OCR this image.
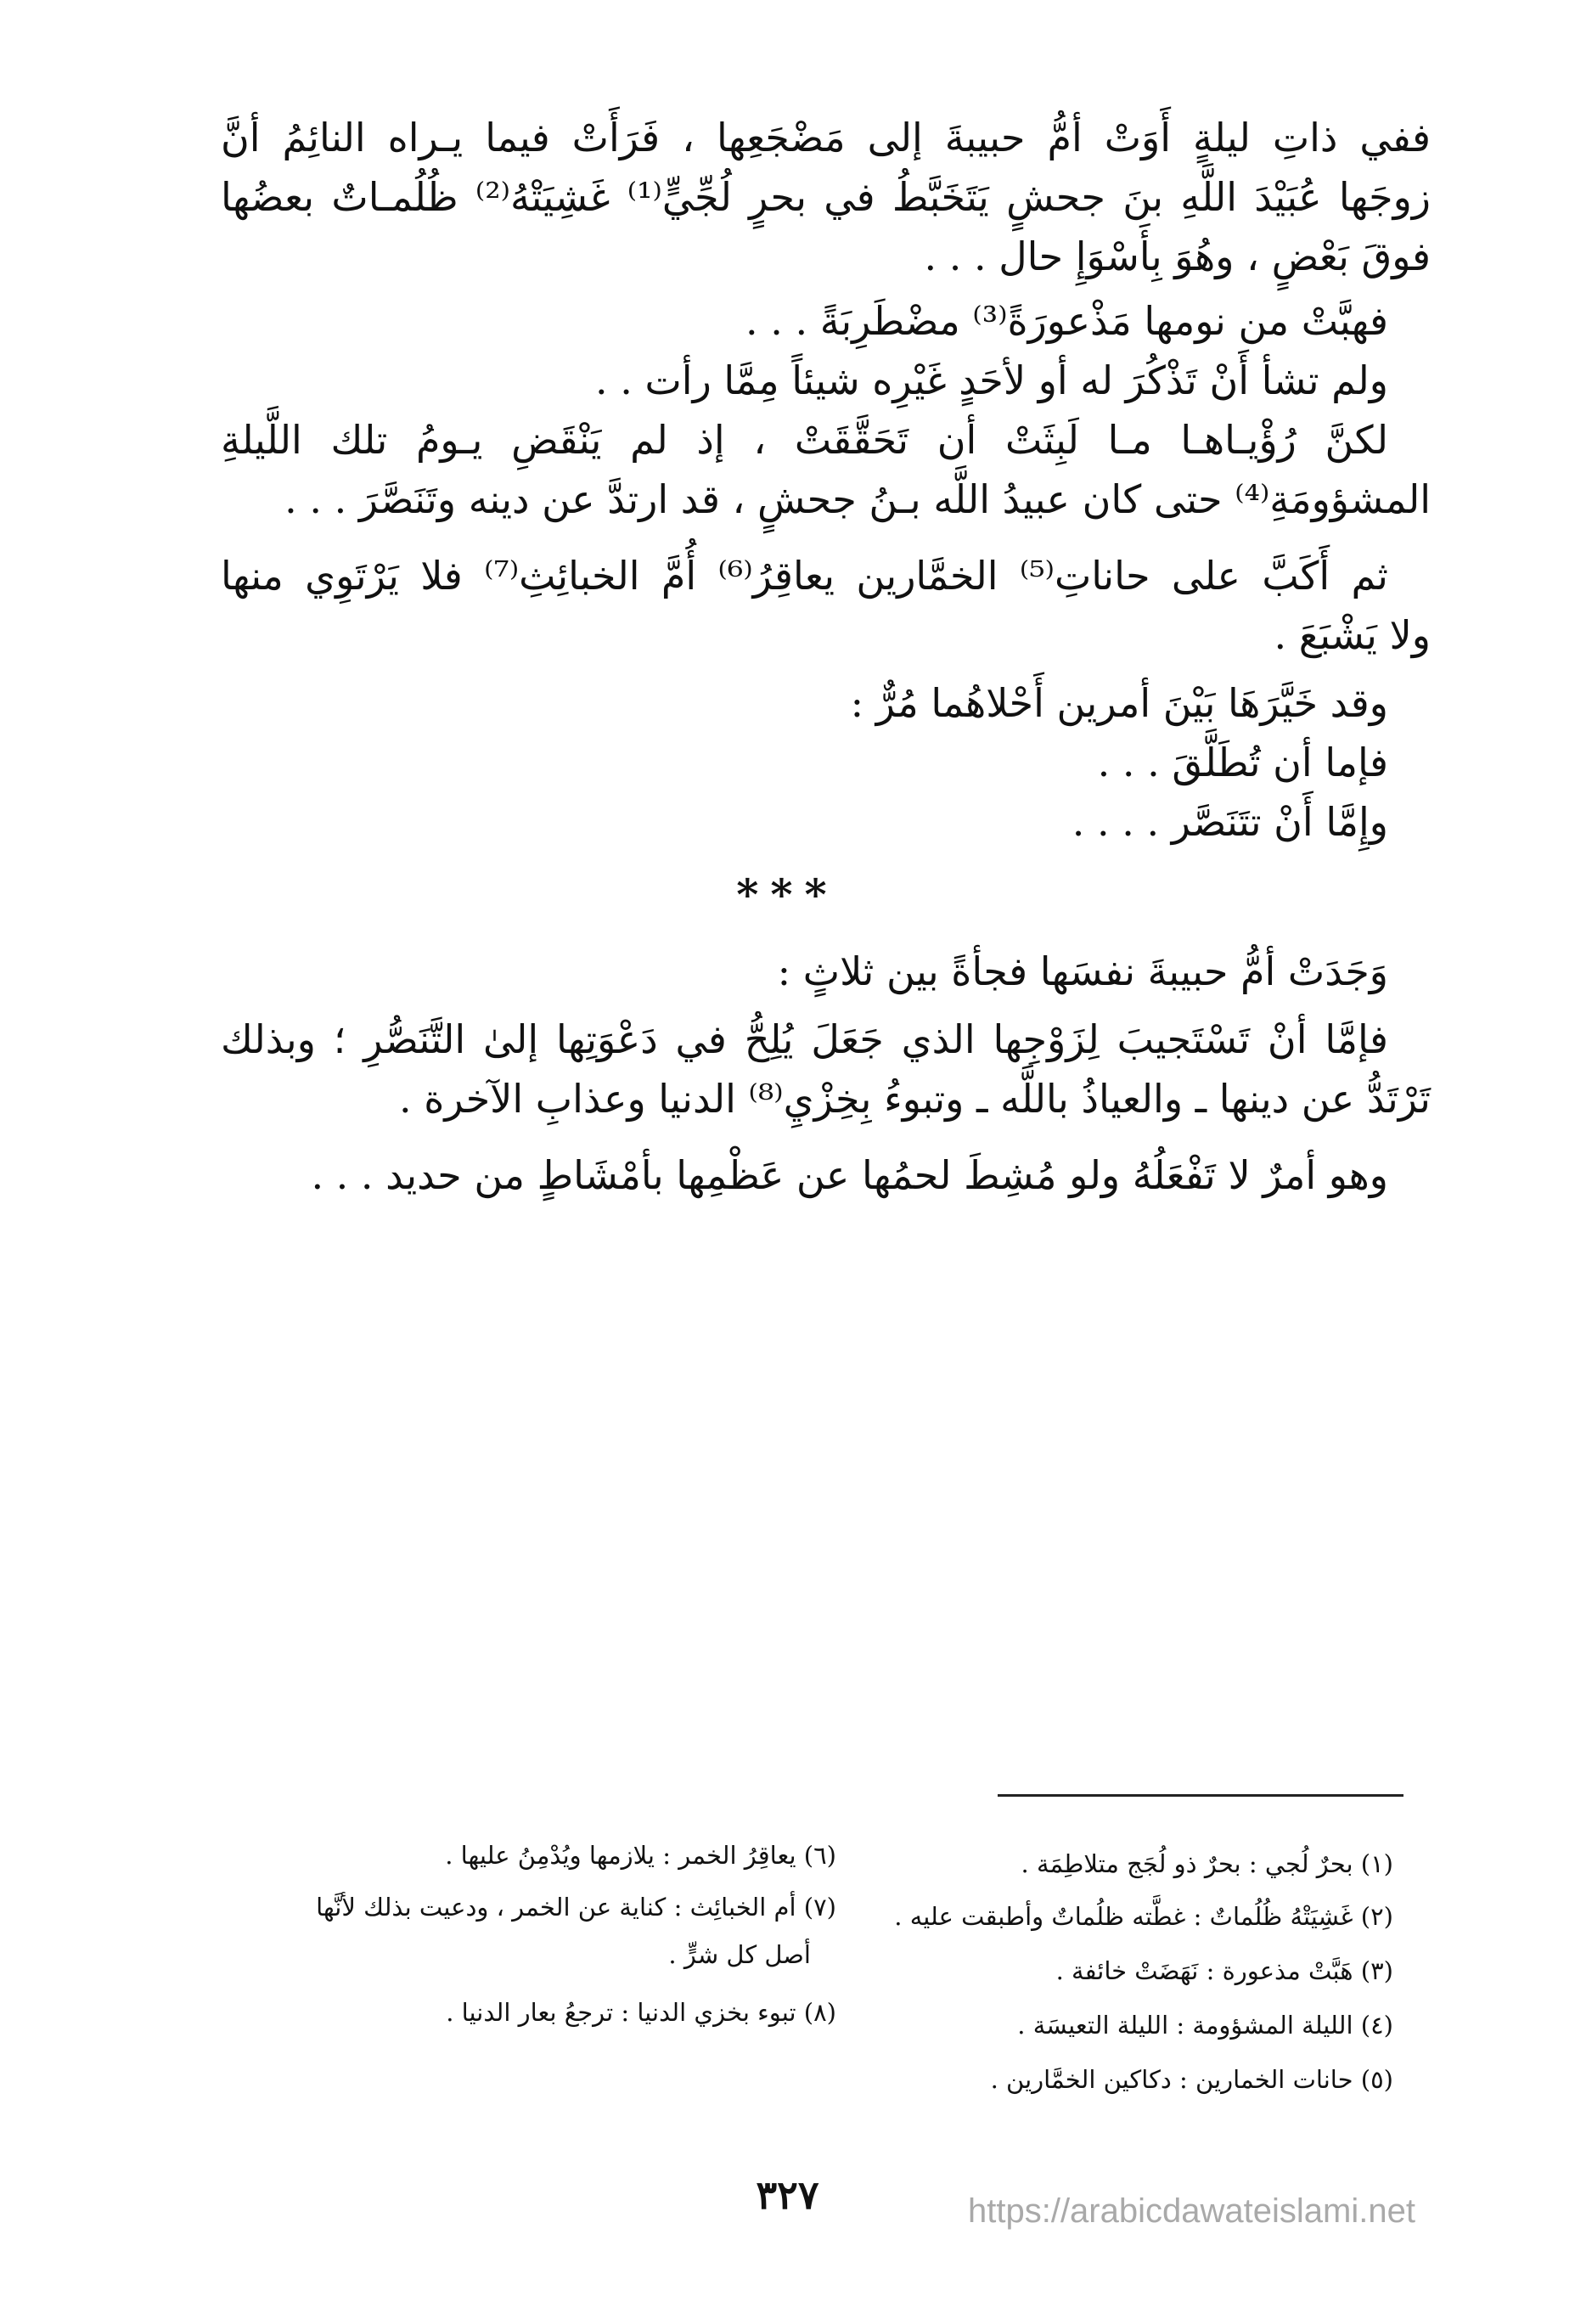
ففي ذاتِ ليلةٍ أَوَتْ أمُّ حبيبةَ إلى مَضْجَعِها ، فَرَأَتْ فيما يـراه النائِمُ أنَّ
زوجَها عُبَيْدَ اللَّهِ بنَ جحشٍ يَتَخَبَّطُ في بحرٍ لُجِّيٍّ⁽¹⁾ غَشِيَتْهُ⁽²⁾ ظُلُمـاتٌ بعضُها
فوقَ بَعْضٍ ، وهُوَ بِأَسْوَإِ حال . . .
فهبَّتْ من نومها مَذْعورَةً⁽³⁾ مضْطَرِبَةً . . .
ولم تشأ أَنْ تَذْكُرَ له أو لأحَدٍ غَيْرِه شيئاً مِمَّا رأت . .
لكنَّ رُؤْيـاهـا مـا لَبِثَتْ أن تَحَقَّقَتْ ، إذ لم يَنْقَضِ يـومُ تلك اللَّيلةِ
المشؤومَةِ⁽⁴⁾ حتى كان عبيدُ اللَّه بـنُ جحشٍ ، قد ارتدَّ عن دينه وتَنَصَّرَ . . .
ثم أَكَبَّ على حاناتِ⁽⁵⁾ الخمَّارين يعاقِرُ⁽⁶⁾ أُمَّ الخبائِثِ⁽⁷⁾ فلا يَرْتَوِي منها
ولا يَشْبَعَ .
وقد خَيَّرَهَا بَيْنَ أمرين أَحْلاهُما مُرٌّ :
فإما أن تُطَلَّقَ . . .
وإِمَّا أَنْ تتَنَصَّر . . . .
***
وَجَدَتْ أمُّ حبيبةَ نفسَها فجأةً بين ثلاثٍ :
فإمَّا أنْ تَسْتَجيبَ لِزَوْجِها الذي جَعَلَ يُلِحُّ في دَعْوَتِها إلىٰ التَّنَصُّرِ ؛ وبذلك
تَرْتَدُّ عن دينها ـ والعياذُ باللَّه ـ وتبوءُ بِخِزْيِ⁽⁸⁾ الدنيا وعذابِ الآخرة .
وهو أمرٌ لا تَفْعَلُهُ ولو مُشِطَ لحمُها عن عَظْمِها بأمْشَاطٍ من حديد . . .
(١) بحرٌ لُجي : بحرٌ ذو لُجَج متلاطِمَة .
(٢) غَشِيَتْهُ ظُلُماتٌ : غطَّته ظلُماتٌ وأطبقت عليه .
(٣) هَبَّتْ مذعورة : نَهَضَتْ خائفة .
(٤) الليلة المشؤومة : الليلة التعيسَة .
(٥) حانات الخمارين : دكاكين الخمَّارين .
(٦) يعاقِرُ الخمر : يلازمها ويُدْمِنُ عليها .
(٧) أم الخبائِث : كناية عن الخمر ، ودعيت بذلك لأنَّها
أصل كل شرٍّ .
(٨) تبوء بخزي الدنيا : ترجعُ بعار الدنيا .
٣٢٧	https://arabicdawateislami.net
